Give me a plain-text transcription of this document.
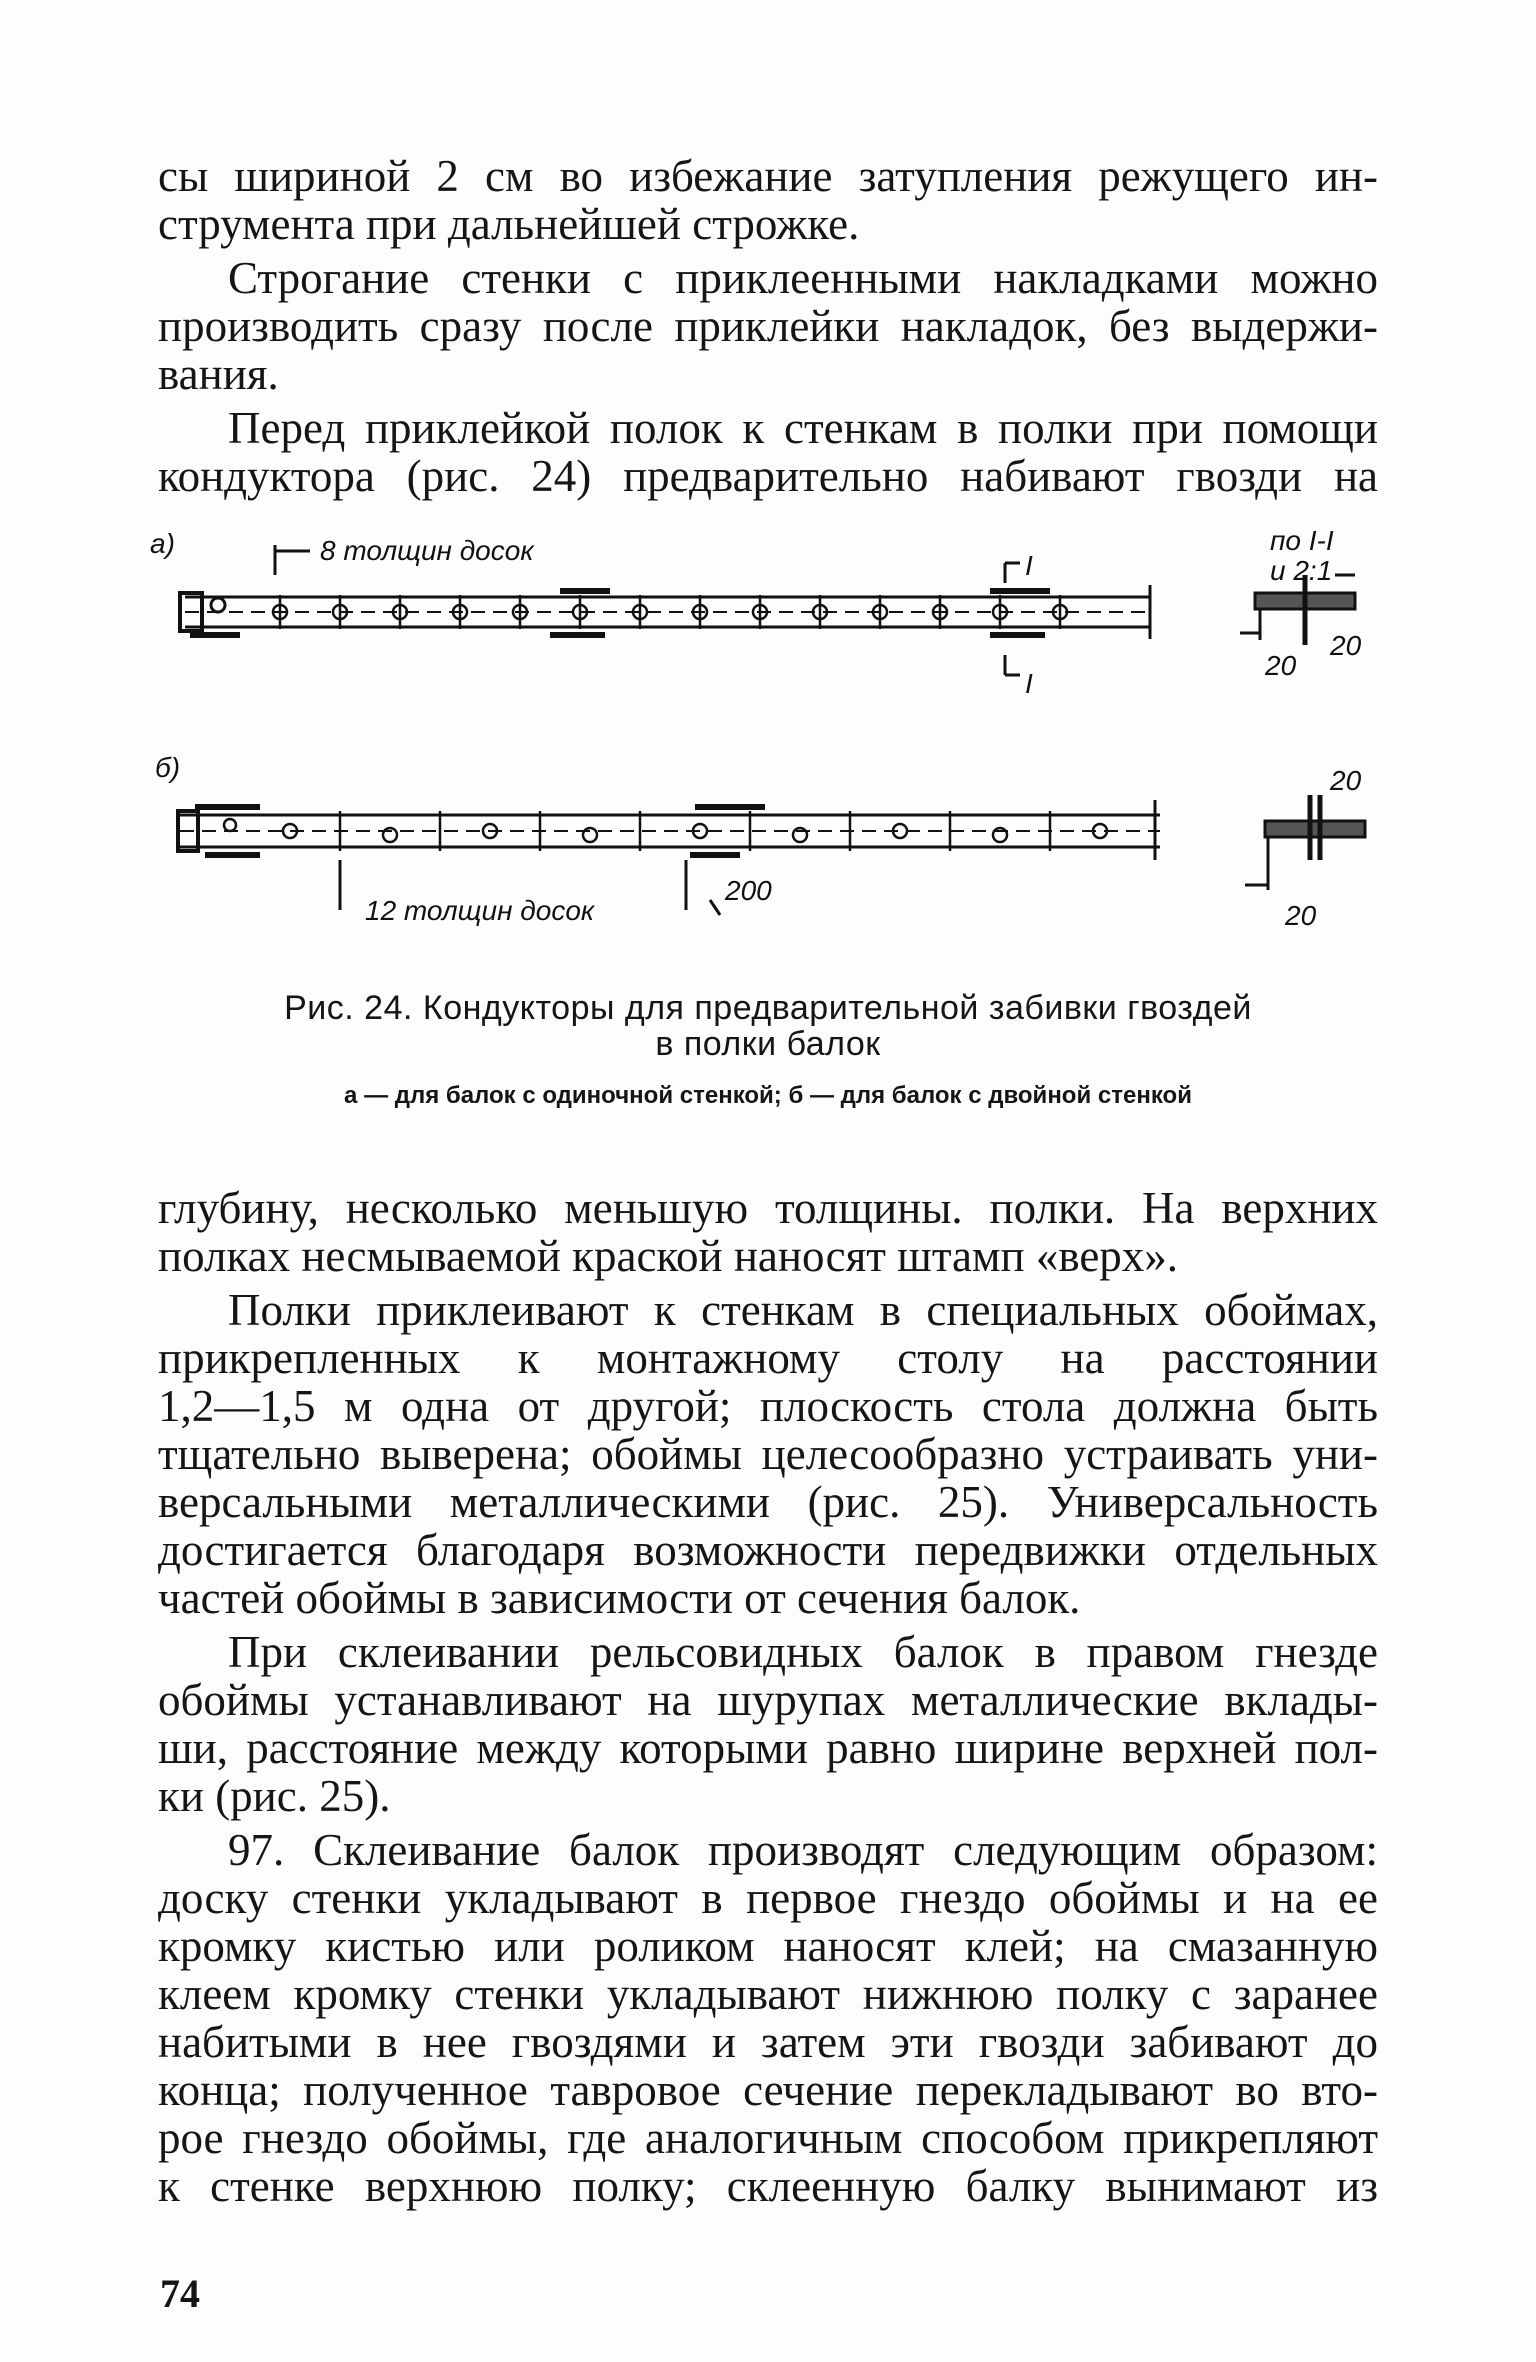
сы шириной 2 см во избежание затупления режущего ин-
струмента при дальнейшей строжке.

Строгание стенки с приклеенными накладками можно
производить сразу после приклейки накладок, без выдержи-
вания.

Перед приклейкой полок к стенкам в полки при помощи
кондуктора (рис. 24) предварительно набивают гвозди на

а)	8 толщин досок	I
I
по I-I
и 2:1
20
20
б)
12 толщин досок
200
20
20
Рис. 24. Кондукторы для предварительной забивки гвоздей
в полки балок
а — для балок с одиночной стенкой; б — для балок с двойной стенкой

глубину, несколько меньшую толщины. полки. На верхних
полках несмываемой краской наносят штамп «верх».

Полки приклеивают к стенкам в специальных обоймах,
прикрепленных к монтажному столу на расстоянии
1,2—1,5 м одна от другой; плоскость стола должна быть
тщательно выверена; обоймы целесообразно устраивать уни-
версальными металлическими (рис. 25). Универсальность
достигается благодаря возможности передвижки отдельных
частей обоймы в зависимости от сечения балок.

При склеивании рельсовидных балок в правом гнезде
обоймы устанавливают на шурупах металлические вклады-
ши, расстояние между которыми равно ширине верхней пол-
ки (рис. 25).

97. Склеивание балок производят следующим образом:
доску стенки укладывают в первое гнездо обоймы и на ее
кромку кистью или роликом наносят клей; на смазанную
клеем кромку стенки укладывают нижнюю полку с заранее
набитыми в нее гвоздями и затем эти гвозди забивают до
конца; полученное тавровое сечение перекладывают во вто-
рое гнездо обоймы, где аналогичным способом прикрепляют
к стенке верхнюю полку; склеенную балку вынимают из

74
